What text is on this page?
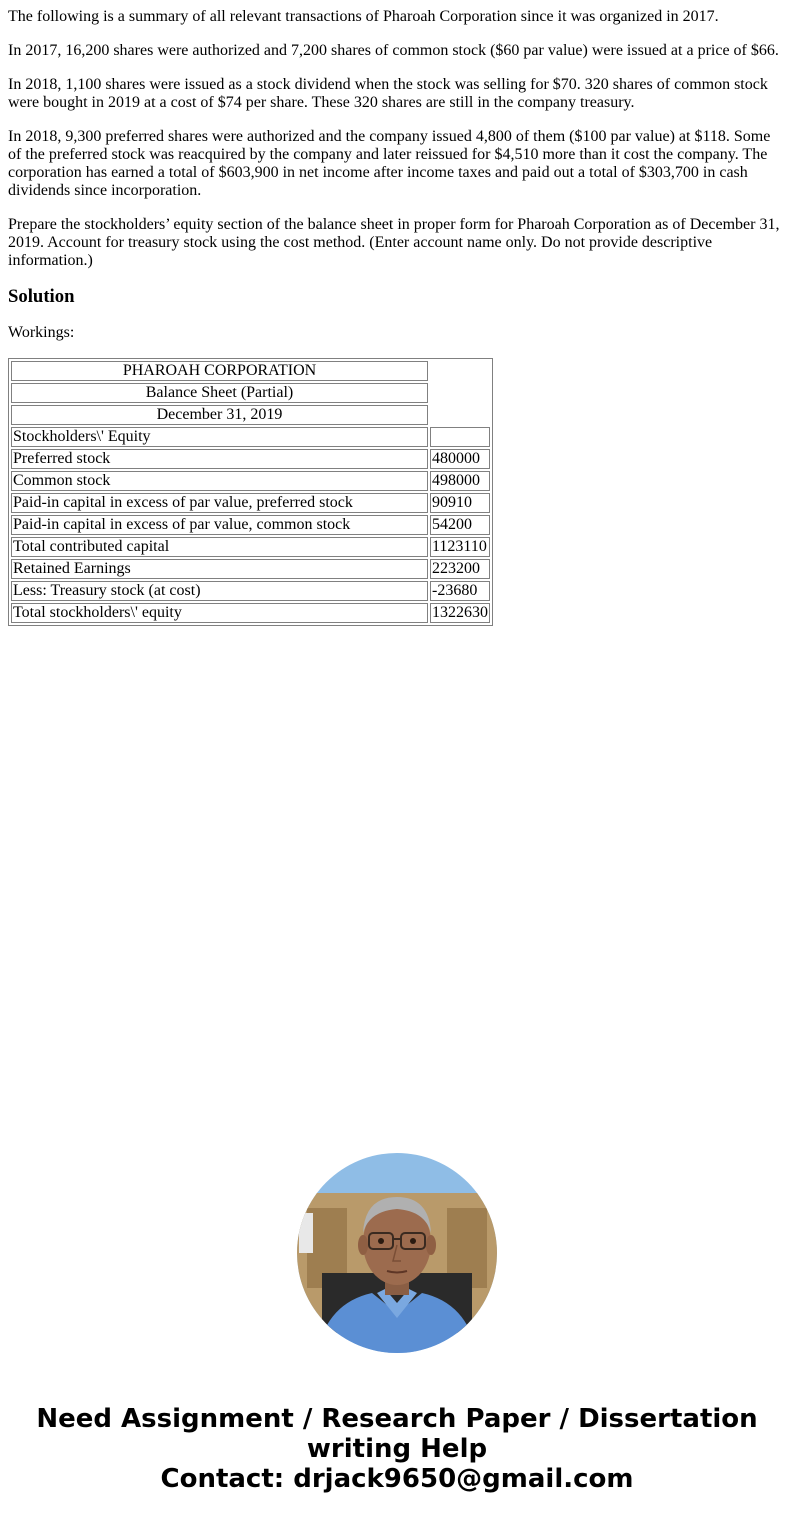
The following is a summary of all relevant transactions of Pharoah Corporation since it was organized in 2017.

In 2017, 16,200 shares were authorized and 7,200 shares of common stock ($60 par value) were issued at a price of $66.

In 2018, 1,100 shares were issued as a stock dividend when the stock was selling for $70. 320 shares of common stock were bought in 2019 at a cost of $74 per share. These 320 shares are still in the company treasury.

In 2018, 9,300 preferred shares were authorized and the company issued 4,800 of them ($100 par value) at $118. Some of the preferred stock was reacquired by the company and later reissued for $4,510 more than it cost the company. The corporation has earned a total of $603,900 in net income after income taxes and paid out a total of $303,700 in cash dividends since incorporation.

Prepare the stockholders’ equity section of the balance sheet in proper form for Pharoah Corporation as of December 31, 2019. Account for treasury stock using the cost method. (Enter account name only. Do not provide descriptive information.)

Solution

Workings:

PHAROAH CORPORATION	
Balance Sheet (Partial)	
December 31, 2019	
Stockholders\' Equity	
Preferred stock	480000
Common stock	498000
Paid-in capital in excess of par value, preferred stock	90910
Paid-in capital in excess of par value, common stock	54200
Total contributed capital	1123110
Retained Earnings	223200
Less: Treasury stock (at cost)	-23680
Total stockholders\' equity	1322630
Need Assignment / Research Paper / Dissertation
writing Help
Contact: drjack9650@gmail.com
